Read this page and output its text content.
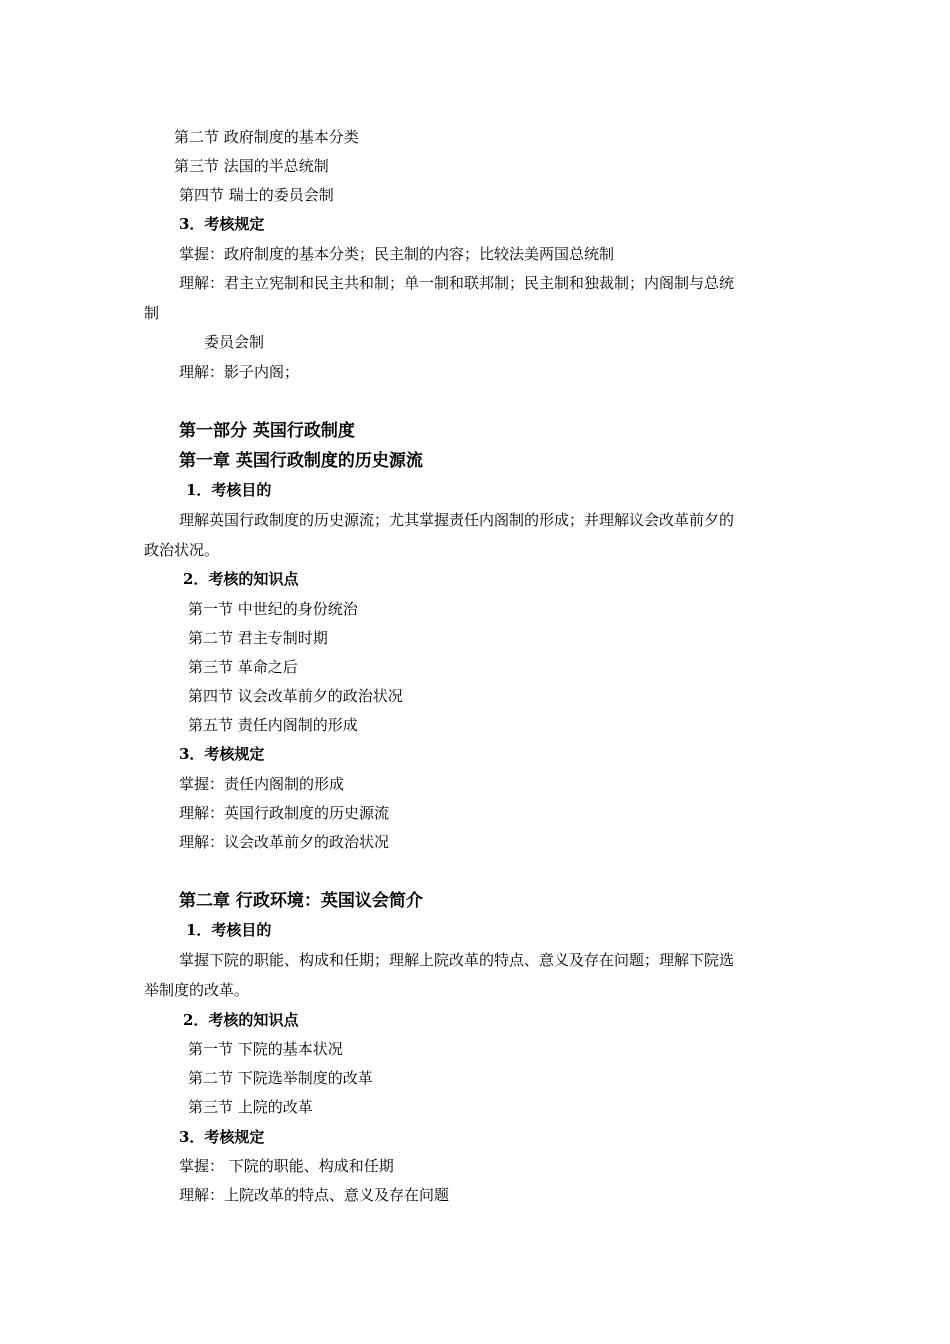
第二节 政府制度的基本分类

第三节 法国的半总统制

第四节 瑞士的委员会制

3．考核规定

掌握：政府制度的基本分类；民主制的内容；比较法美两国总统制

理解：君主立宪制和民主共和制；单一制和联邦制；民主制和独裁制；内阁制与总统

制

委员会制

理解：影子内阁；

第一部分 英国行政制度

第一章 英国行政制度的历史源流

1．考核目的

理解英国行政制度的历史源流；尤其掌握责任内阁制的形成；并理解议会改革前夕的

政治状况。

2．考核的知识点

第一节 中世纪的身份统治

第二节 君主专制时期

第三节 革命之后

第四节 议会改革前夕的政治状况

第五节 责任内阁制的形成

3．考核规定

掌握：责任内阁制的形成

理解：英国行政制度的历史源流

理解：议会改革前夕的政治状况

第二章 行政环境：英国议会简介

1．考核目的

掌握下院的职能、构成和任期；理解上院改革的特点、意义及存在问题；理解下院选

举制度的改革。

2．考核的知识点

第一节 下院的基本状况

第二节 下院选举制度的改革

第三节 上院的改革

3．考核规定

掌握： 下院的职能、构成和任期

理解：上院改革的特点、意义及存在问题
